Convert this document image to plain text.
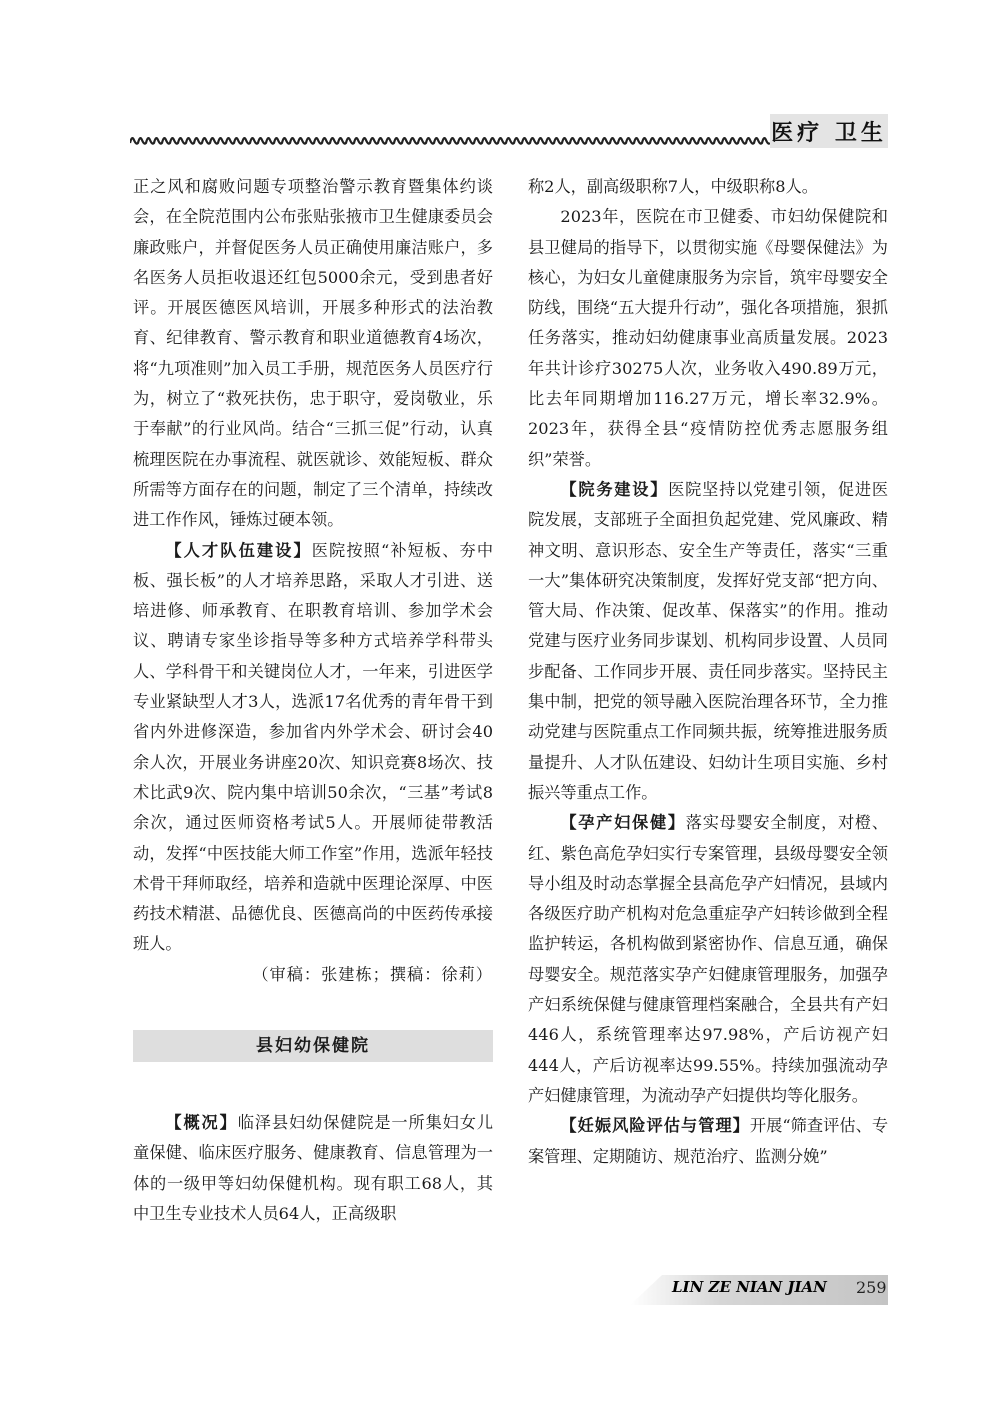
医疗 卫生

正之风和腐败问题专项整治警示教育暨集体约谈会，在全院范围内公布张贴张掖市卫生健康委员会廉政账户，并督促医务人员正确使用廉洁账户，多名医务人员拒收退还红包5000余元，受到患者好评。开展医德医风培训，开展多种形式的法治教育、纪律教育、警示教育和职业道德教育4场次，将“九项准则”加入员工手册，规范医务人员医疗行为，树立了“救死扶伤，忠于职守，爱岗敬业，乐于奉献”的行业风尚。结合“三抓三促”行动，认真梳理医院在办事流程、就医就诊、效能短板、群众所需等方面存在的问题，制定了三个清单，持续改进工作作风，锤炼过硬本领。

【人才队伍建设】医院按照“补短板、夯中板、强长板”的人才培养思路，采取人才引进、送培进修、师承教育、在职教育培训、参加学术会议、聘请专家坐诊指导等多种方式培养学科带头人、学科骨干和关键岗位人才，一年来，引进医学专业紧缺型人才3人，选派17名优秀的青年骨干到省内外进修深造，参加省内外学术会、研讨会40余人次，开展业务讲座20次、知识竞赛8场次、技术比武9次、院内集中培训50余次，“三基”考试8余次，通过医师资格考试5人。开展师徒带教活动，发挥“中医技能大师工作室”作用，选派年轻技术骨干拜师取经，培养和造就中医理论深厚、中医药技术精湛、品德优良、医德高尚的中医药传承接班人。

（审稿：张建栋；撰稿：徐莉）

县妇幼保健院

【概况】临泽县妇幼保健院是一所集妇女儿童保健、临床医疗服务、健康教育、信息管理为一体的一级甲等妇幼保健机构。现有职工68人，其中卫生专业技术人员64人，正高级职

称2人，副高级职称7人，中级职称8人。

2023年，医院在市卫健委、市妇幼保健院和县卫健局的指导下，以贯彻实施《母婴保健法》为核心，为妇女儿童健康服务为宗旨，筑牢母婴安全防线，围绕“五大提升行动”，强化各项措施，狠抓任务落实，推动妇幼健康事业高质量发展。2023年共计诊疗30275人次，业务收入490.89万元，比去年同期增加116.27万元，增长率32.9%。2023年，获得全县“疫情防控优秀志愿服务组织”荣誉。

【院务建设】医院坚持以党建引领，促进医院发展，支部班子全面担负起党建、党风廉政、精神文明、意识形态、安全生产等责任，落实“三重一大”集体研究决策制度，发挥好党支部“把方向、管大局、作决策、促改革、保落实”的作用。推动党建与医疗业务同步谋划、机构同步设置、人员同步配备、工作同步开展、责任同步落实。坚持民主集中制，把党的领导融入医院治理各环节，全力推动党建与医院重点工作同频共振，统筹推进服务质量提升、人才队伍建设、妇幼计生项目实施、乡村振兴等重点工作。

【孕产妇保健】落实母婴安全制度，对橙、红、紫色高危孕妇实行专案管理，县级母婴安全领导小组及时动态掌握全县高危孕产妇情况，县域内各级医疗助产机构对危急重症孕产妇转诊做到全程监护转运，各机构做到紧密协作、信息互通，确保母婴安全。规范落实孕产妇健康管理服务，加强孕产妇系统保健与健康管理档案融合，全县共有产妇446人，系统管理率达97.98%，产后访视产妇444人，产后访视率达99.55%。持续加强流动孕产妇健康管理，为流动孕产妇提供均等化服务。

【妊娠风险评估与管理】开展“筛查评估、专案管理、定期随访、规范治疗、监测分娩”

LIN ZE NIAN JIAN 259
